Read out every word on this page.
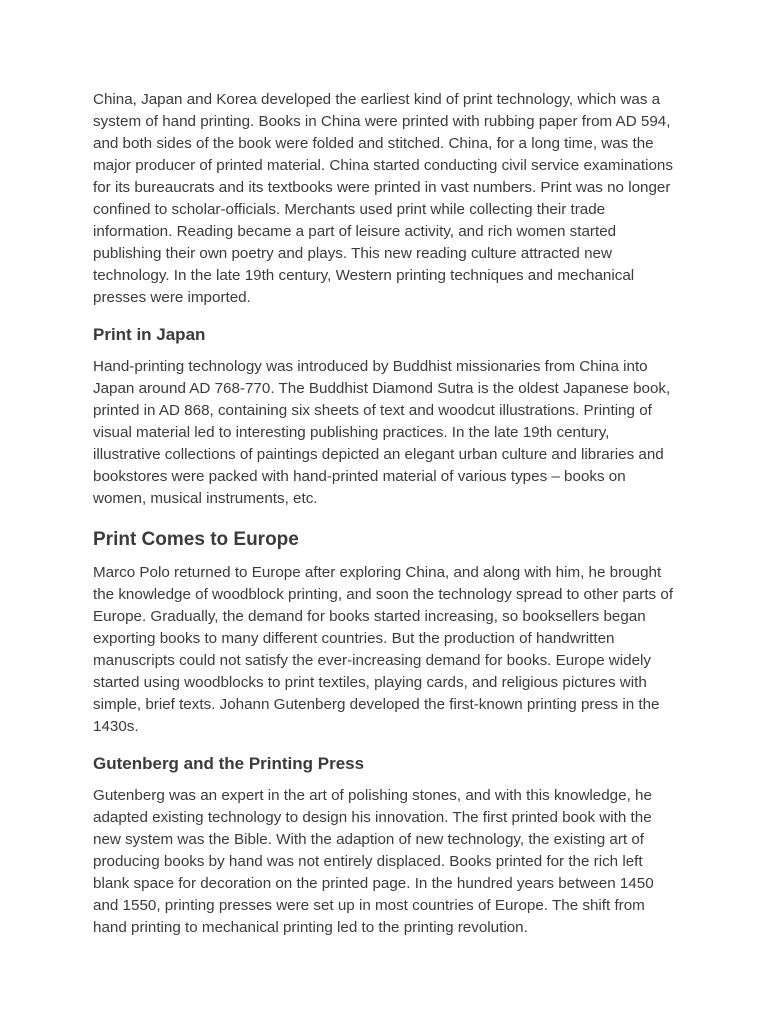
China, Japan and Korea developed the earliest kind of print technology, which was a system of hand printing. Books in China were printed with rubbing paper from AD 594, and both sides of the book were folded and stitched. China, for a long time, was the major producer of printed material. China started conducting civil service examinations for its bureaucrats and its textbooks were printed in vast numbers. Print was no longer confined to scholar-officials. Merchants used print while collecting their trade information. Reading became a part of leisure activity, and rich women started publishing their own poetry and plays. This new reading culture attracted new technology. In the late 19th century, Western printing techniques and mechanical presses were imported.

Print in Japan

Hand-printing technology was introduced by Buddhist missionaries from China into Japan around AD 768-770. The Buddhist Diamond Sutra is the oldest Japanese book, printed in AD 868, containing six sheets of text and woodcut illustrations. Printing of visual material led to interesting publishing practices. In the late 19th century, illustrative collections of paintings depicted an elegant urban culture and libraries and bookstores were packed with hand-printed material of various types – books on women, musical instruments, etc.

Print Comes to Europe

Marco Polo returned to Europe after exploring China, and along with him, he brought the knowledge of woodblock printing, and soon the technology spread to other parts of Europe. Gradually, the demand for books started increasing, so booksellers began exporting books to many different countries. But the production of handwritten manuscripts could not satisfy the ever-increasing demand for books. Europe widely started using woodblocks to print textiles, playing cards, and religious pictures with simple, brief texts. Johann Gutenberg developed the first-known printing press in the 1430s.

Gutenberg and the Printing Press

Gutenberg was an expert in the art of polishing stones, and with this knowledge, he adapted existing technology to design his innovation. The first printed book with the new system was the Bible. With the adaption of new technology, the existing art of producing books by hand was not entirely displaced. Books printed for the rich left blank space for decoration on the printed page. In the hundred years between 1450 and 1550, printing presses were set up in most countries of Europe. The shift from hand printing to mechanical printing led to the printing revolution.
